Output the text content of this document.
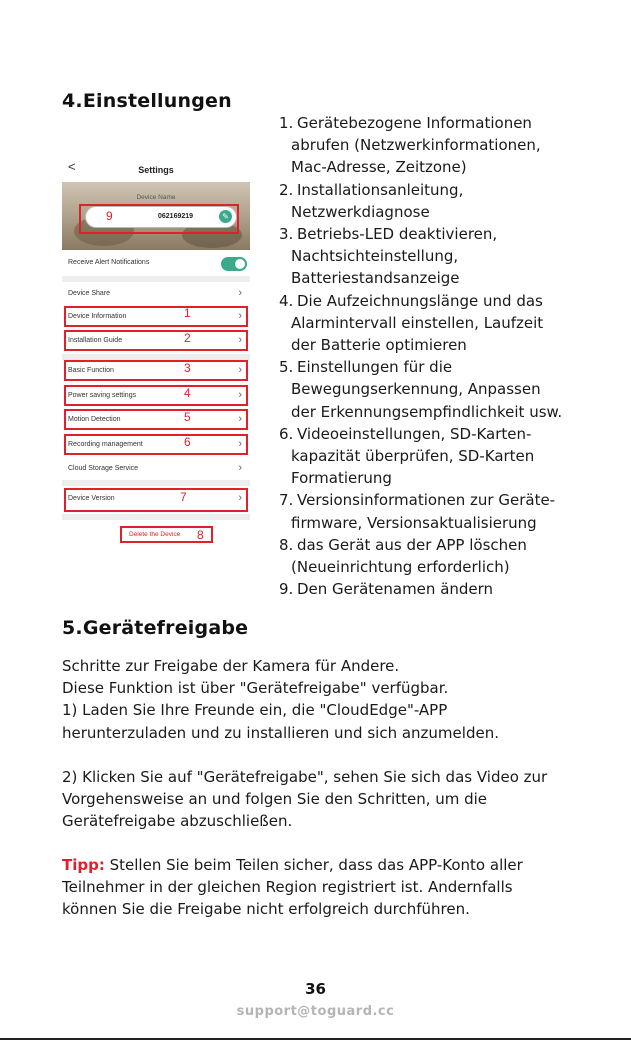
4.Einstellungen
<	Settings
Device Name
062169219	✎
9
Receive Alert Notifications
Device Share	›
Device Information	›
Installation Guide	›
Basic Function	›
Power saving settings	›
Motion Detection	›
Recording management	›
Cloud Storage Service	›
Device Version	›
1
2
3
4
5
6
7
Delete the Device 8
1. Gerätebezogene Informationen
abrufen (Netzwerkinformationen,
Mac-Adresse, Zeitzone)
2. Installationsanleitung,
Netzwerkdiagnose
3. Betriebs-LED deaktivieren,
Nachtsichteinstellung,
Batteriestandsanzeige
4. Die Aufzeichnungslänge und das
Alarmintervall einstellen, Laufzeit
der Batterie optimieren
5. Einstellungen für die
Bewegungserkennung, Anpassen
der Erkennungsempfindlichkeit usw.
6. Videoeinstellungen, SD-Karten-
kapazität überprüfen, SD-Karten
Formatierung
7. Versionsinformationen zur Geräte-
firmware, Versionsaktualisierung
8. das Gerät aus der APP löschen
(Neueinrichtung erforderlich)
9. Den Gerätenamen ändern
5.Gerätefreigabe
Schritte zur Freigabe der Kamera für Andere.
Diese Funktion ist über "Gerätefreigabe" verfügbar.
1) Laden Sie Ihre Freunde ein, die "CloudEdge"-APP
herunterzuladen und zu installieren und sich anzumelden.
2) Klicken Sie auf "Gerätefreigabe", sehen Sie sich das Video zur
Vorgehensweise an und folgen Sie den Schritten, um die
Gerätefreigabe abzuschließen.
Tipp: Stellen Sie beim Teilen sicher, dass das APP-Konto aller
Teilnehmer in der gleichen Region registriert ist. Andernfalls
können Sie die Freigabe nicht erfolgreich durchführen.
36
support@toguard.cc
